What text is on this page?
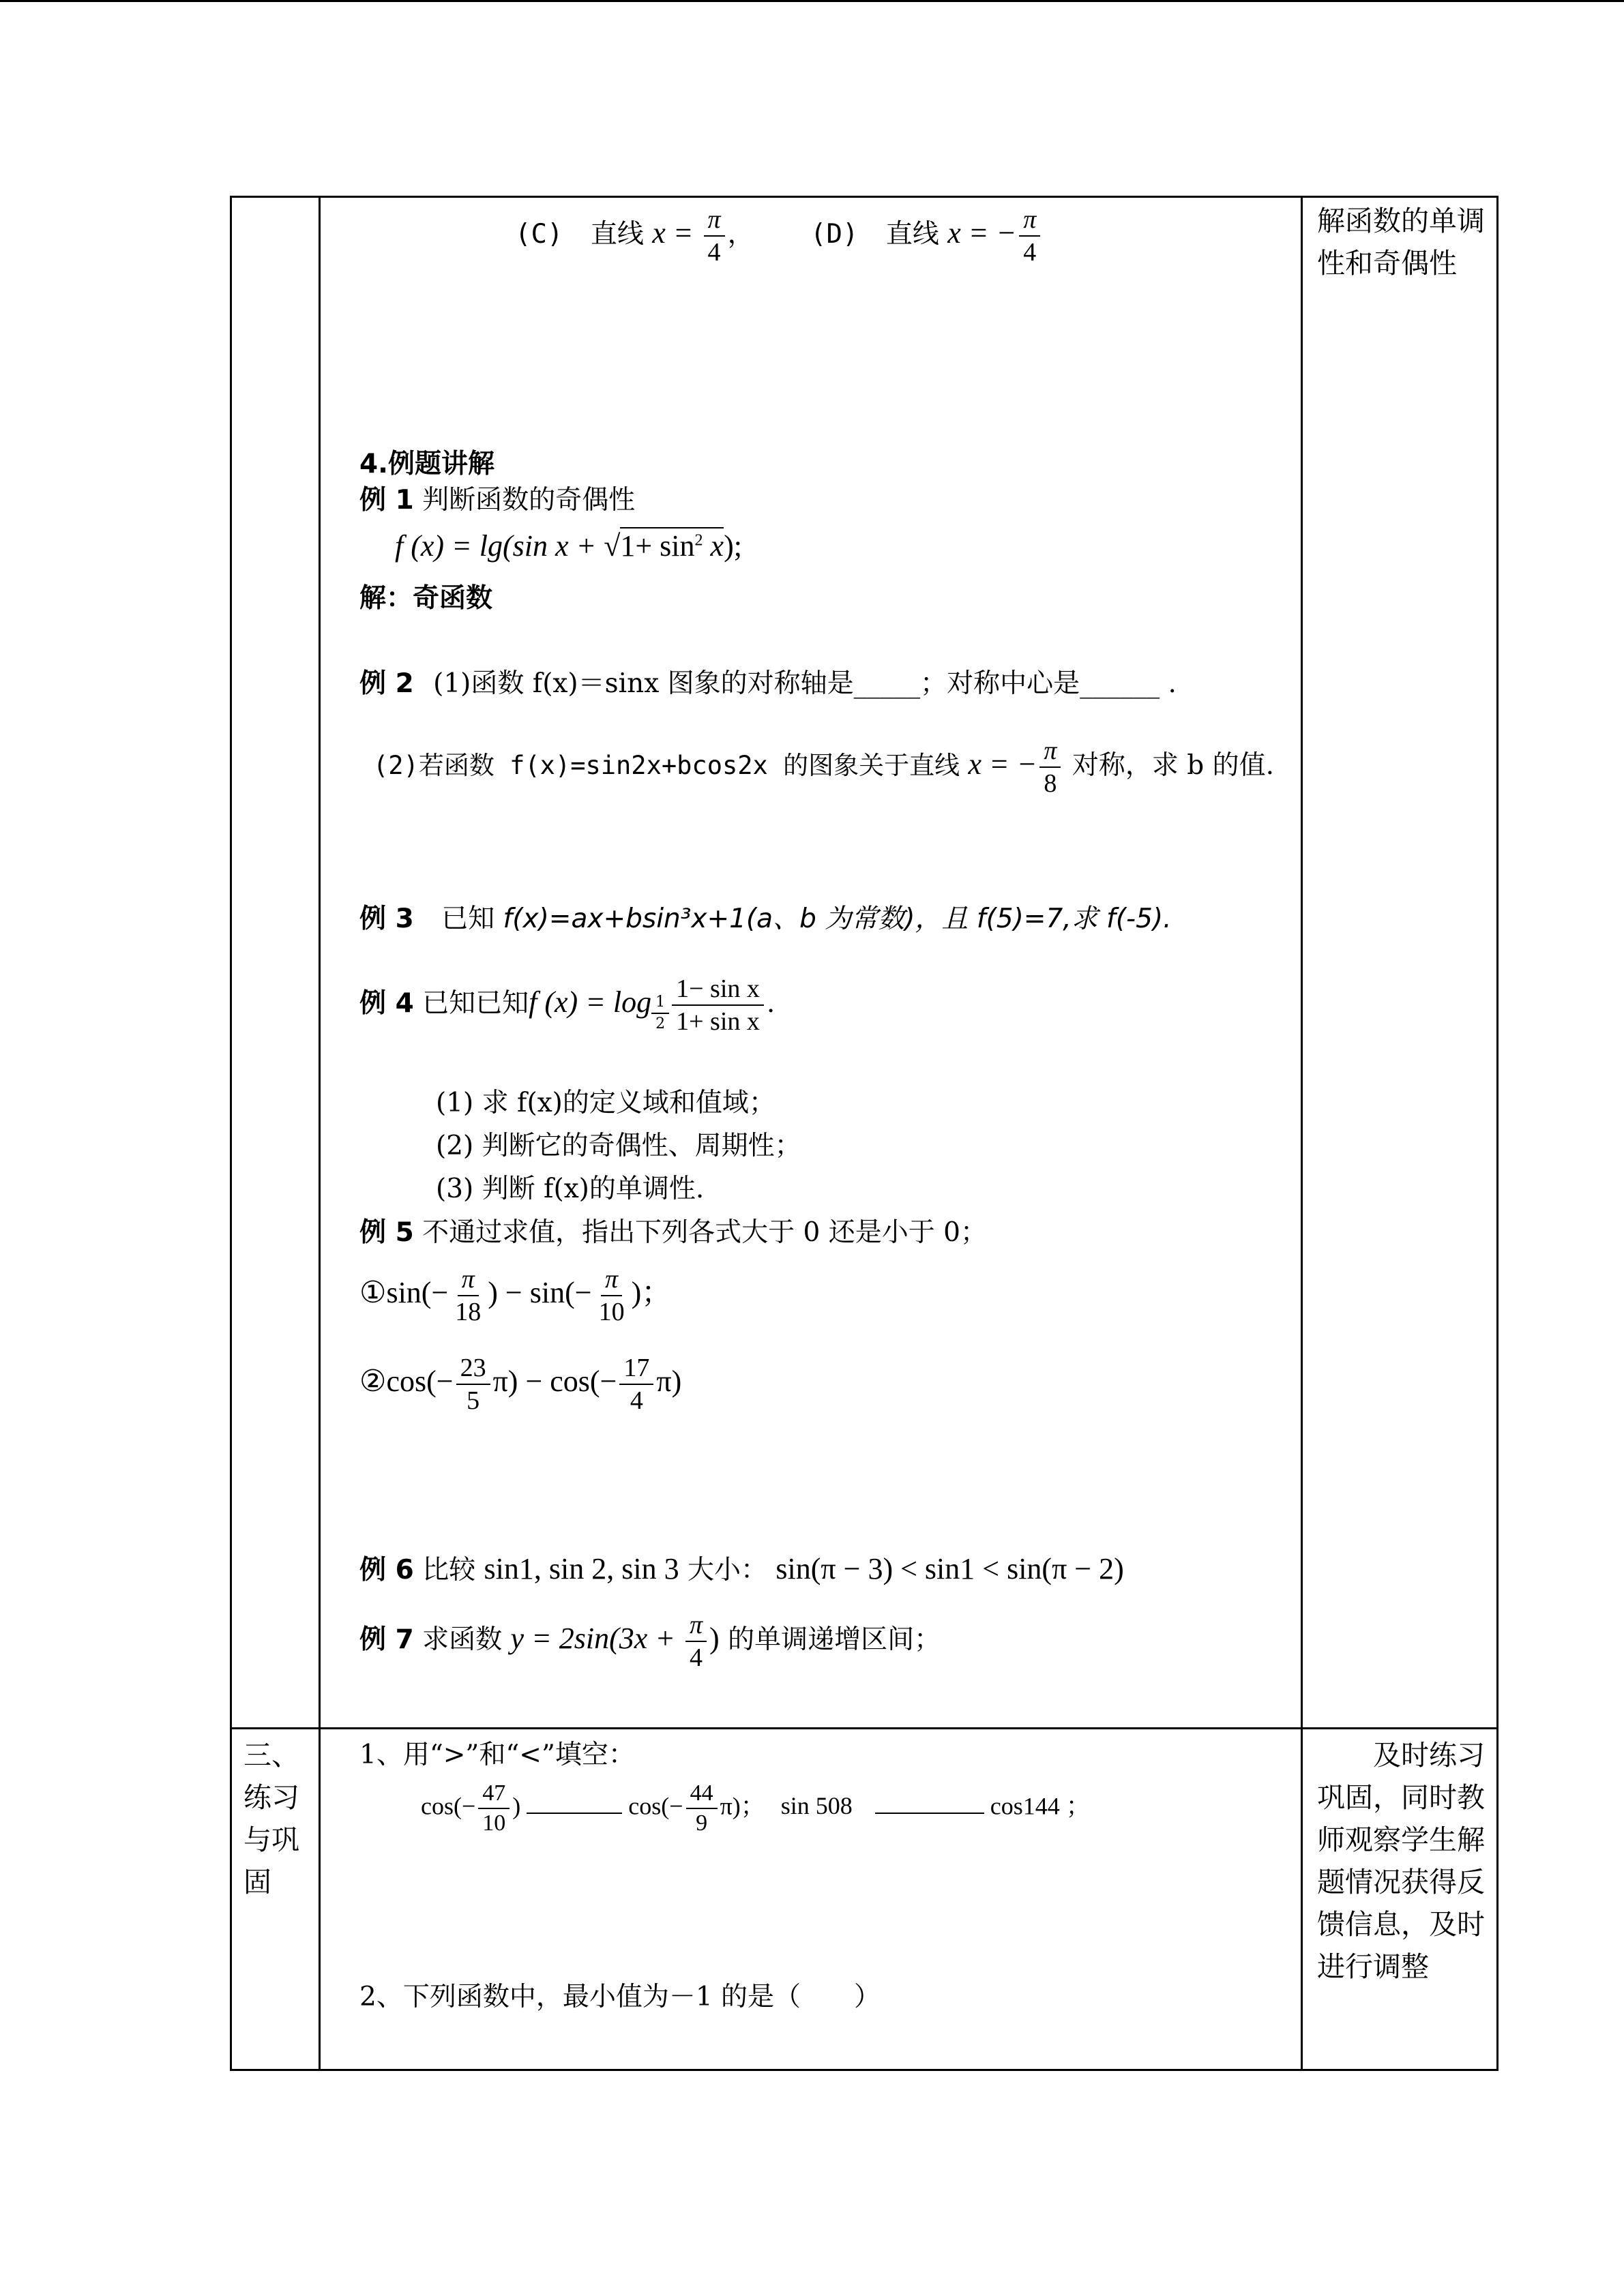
(C) 直线 $x = \frac{\pi}{4}$ ， (D) 直线 x = − $\frac{\pi}{4}$
4.例题讲解
例 1 判断函数的奇偶性
f (x) = lg(sin $x + √1+ \sin^2 x$);
解：奇函数
例 2 (1)函数 f(x)＝sinx 图象的对称轴是_____；对称中心是______ .
(2)若函数 f(x)=sin2x+bcos2x 的图象关于直线 x = − $\frac{\pi}{8}$ 对称，求 b 的值.
例 3 已知 f(x)=ax+bsin³x+1(a、b 为常数)，且 f(5)=7,求 f(-5).
例 4 已知已知f $(x) = \log _{\frac{1}{2}} \frac{\text{1− sin x}}{\text{1+ sin x}}$ .
(1) 求 f(x)的定义域和值域；
(2) 判断它的奇偶性、周期性；
(3) 判断 f(x)的单调性.
例 5 不通过求值，指出下列各式大于 0 还是小于 0；
①sin(− $\frac{\pi}{18}$ ) − $\sin(- \frac{\pi}{10}$ )；
②cos(− $\frac{23}{5} \pi) - \cos(- \frac{17}{4} \pi)$
例 6 比较 sin1, sin 2, sin 3 大小： sin(π − 3) < sin1 < sin(π − 2)
例 7 求函数 $y = 2\sin(3x + \frac{\pi}{4}$ ) 的单调递增区间；
解函数的单调性和奇偶性
三、练习与巩固
1、用“>”和“<”填空：
$\cos(- \frac{47}{10}$ )	$\cos(- \frac{44}{9} \pi)$； sin 508	cos144 ；
2、下列函数中，最小值为－1 的是（　　）
　　及时练习巩固，同时教师观察学生解题情况获得反馈信息，及时进行调整
